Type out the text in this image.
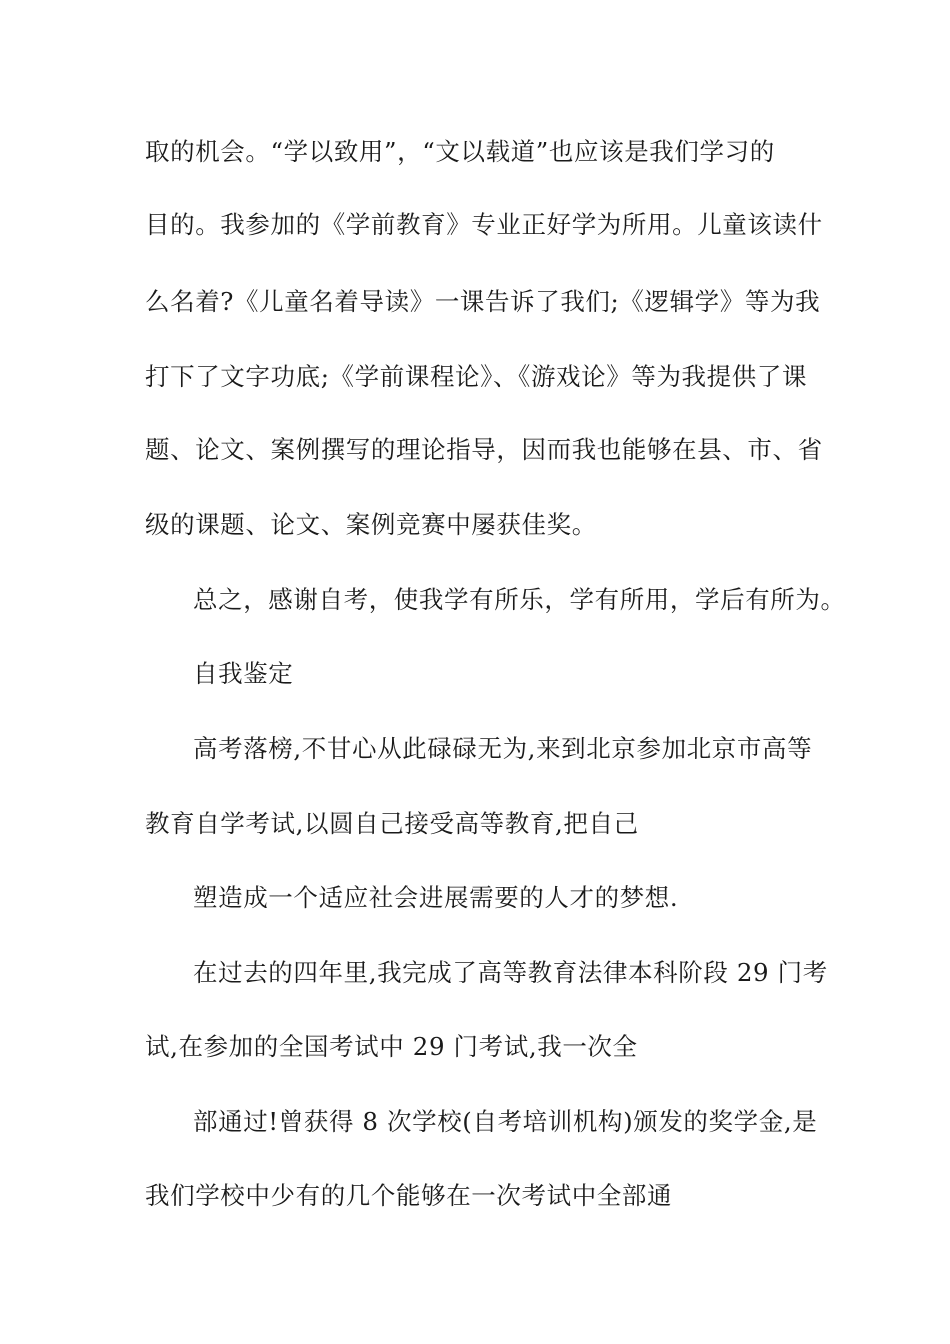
取的机会。“学以致用”，“文以载道”也应该是我们学习的
目的。我参加的《学前教育》专业正好学为所用。儿童该读什
么名着?《儿童名着导读》一课告诉了我们;《逻辑学》等为我
打下了文字功底;《学前课程论》、《游戏论》等为我提供了课
题、论文、案例撰写的理论指导，因而我也能够在县、市、省
级的课题、论文、案例竞赛中屡获佳奖。
总之，感谢自考，使我学有所乐，学有所用，学后有所为。
自我鉴定
高考落榜,不甘心从此碌碌无为,来到北京参加北京市高等
教育自学考试,以圆自己接受高等教育,把自己
塑造成一个适应社会进展需要的人才的梦想.
在过去的四年里,我完成了高等教育法律本科阶段 29 门考
试,在参加的全国考试中 29 门考试,我一次全
部通过!曾获得 8 次学校(自考培训机构)颁发的奖学金,是
我们学校中少有的几个能够在一次考试中全部通
